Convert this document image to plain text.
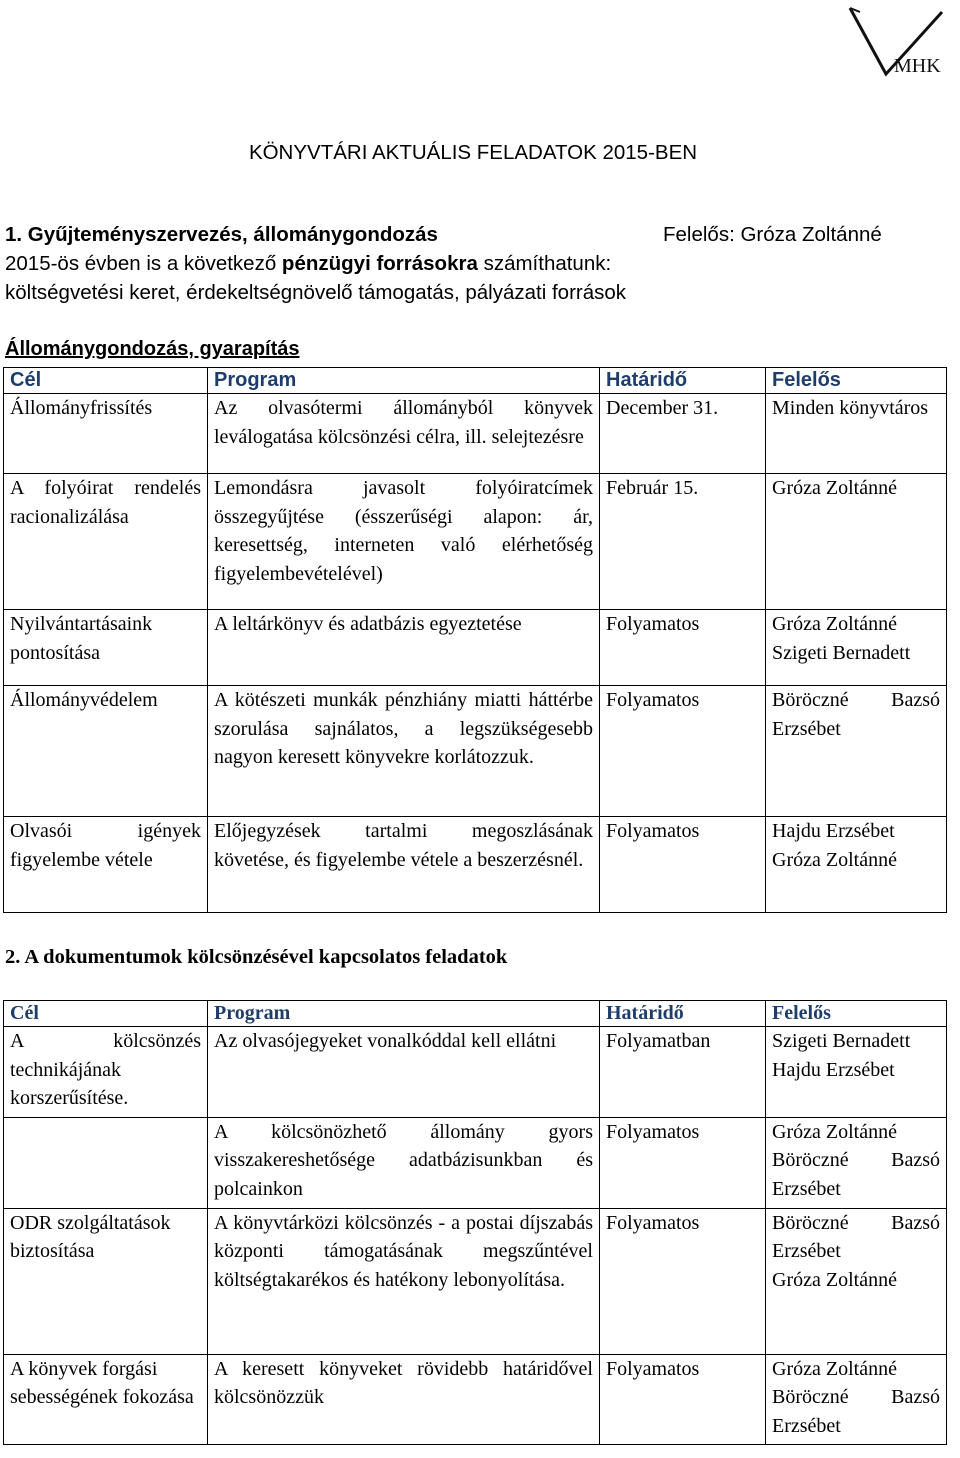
MHK
KÖNYVTÁRI AKTUÁLIS FELADATOK 2015-BEN
1. Gyűjteményszervezés, állománygondozás	Felelős: Gróza Zoltánné
2015-ös évben is a következő pénzügyi forrásokra számíthatunk:
költségvetési keret, érdekeltségnövelő támogatás, pályázati források
Állománygondozás, gyarapítás
Cél	Program	Határidő	Felelős
Állományfrissítés	Az olvasótermi állományból könyvek leválogatása kölcsönzési célra, ill. selejtezésre	December 31.	Minden könyvtáros
A folyóirat rendelés racionalizálása	Lemondásra javasolt folyóiratcímek összegyűjtése (ésszerűségi alapon: ár, keresettség, interneten való elérhetőség figyelembevételével)	Február 15.	Gróza Zoltánné
Nyilvántartásaink pontosítása	A leltárkönyv és adatbázis egyeztetése	Folyamatos	Gróza Zoltánné
Szigeti Bernadett
Állományvédelem	A kötészeti munkák pénzhiány miatti háttérbe szorulása sajnálatos, a legszükségesebb nagyon keresett könyvekre korlátozzuk.	Folyamatos	Böröczné Bazsó Erzsébet
Olvasói igények figyelembe vétele	Előjegyzések tartalmi megoszlásának követése, és figyelembe vétele a beszerzésnél.	Folyamatos	Hajdu Erzsébet
Gróza Zoltánné
2. A dokumentumok kölcsönzésével kapcsolatos feladatok
Cél	Program	Határidő	Felelős
A kölcsönzés technikájának korszerűsítése.	Az olvasójegyeket vonalkóddal kell ellátni	Folyamatban	Szigeti Bernadett
Hajdu Erzsébet
	A kölcsönözhető állomány gyors visszakereshetősége adatbázisunkban és polcainkon	Folyamatos	Gróza Zoltánné
Böröczné Bazsó Erzsébet
ODR szolgáltatások biztosítása	A könyvtárközi kölcsönzés - a postai díjszabás központi támogatásának megszűntével költségtakarékos és hatékony lebonyolítása.	Folyamatos	Böröczné Bazsó Erzsébet
Gróza Zoltánné
A könyvek forgási sebességének fokozása	A keresett könyveket rövidebb határidővel kölcsönözzük	Folyamatos	Gróza Zoltánné
Böröczné Bazsó Erzsébet
